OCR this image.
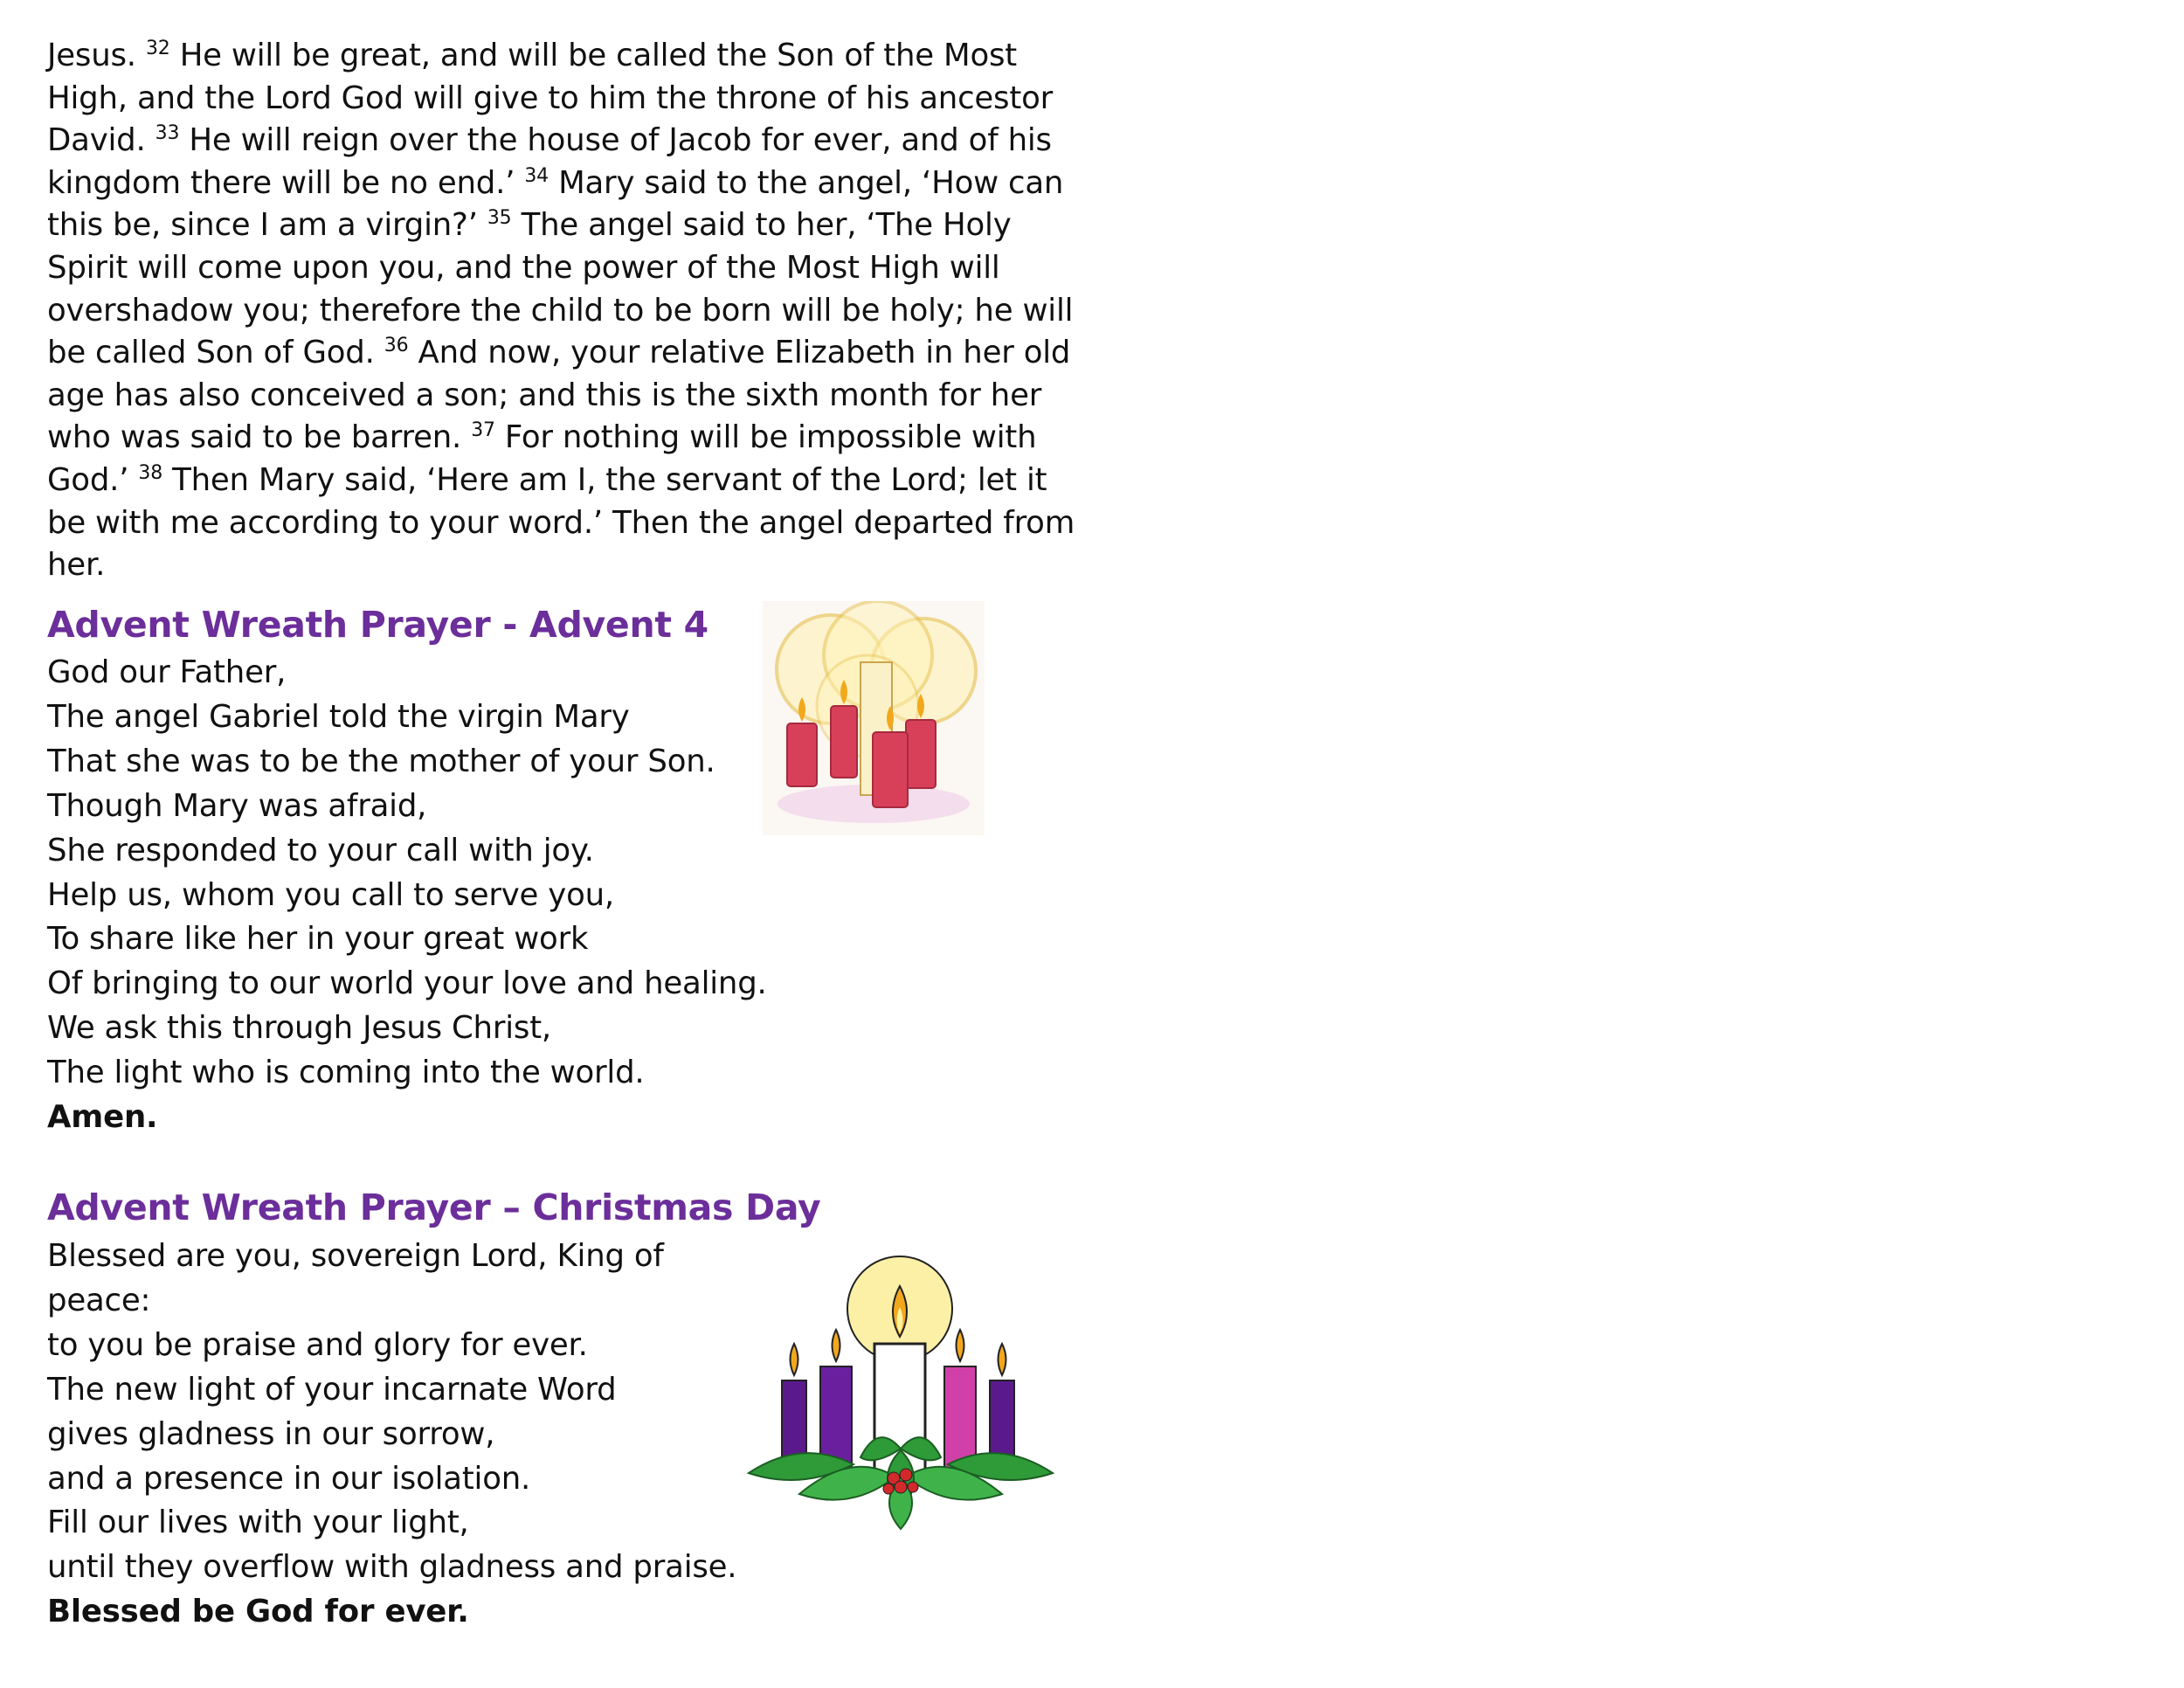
Jesus. $^{32}$ He will be great, and will be called the Son of the Most High, and the Lord God will give to him the throne of his ancestor David. $^{33}$ He will reign over the house of Jacob for ever, and of his kingdom there will be no end.’ $^{34}$ Mary said to the angel, ‘How can this be, since I am a virgin?’ $^{35}$ The angel said to her, ‘The Holy Spirit will come upon you, and the power of the Most High will overshadow you; therefore the child to be born will be holy; he will be called Son of God. $^{36}$ And now, your relative Elizabeth in her old age has also conceived a son; and this is the sixth month for her who was said to be barren. $^{37}$ For nothing will be impossible with God.’ $^{38}$ Then Mary said, ‘Here am I, the servant of the Lord; let it be with me according to your word.’ Then the angel departed from her.

Advent Wreath Prayer - Advent 4
God our Father,
The angel Gabriel told the virgin Mary
That she was to be the mother of your Son.
Though Mary was afraid,
She responded to your call with joy.
Help us, whom you call to serve you,
To share like her in your great work
Of bringing to our world your love and healing.
We ask this through Jesus Christ,
The light who is coming into the world.
Amen.
Advent Wreath Prayer – Christmas Day
Blessed are you, sovereign Lord, King of
peace:
to you be praise and glory for ever.
The new light of your incarnate Word
gives gladness in our sorrow,
and a presence in our isolation.
Fill our lives with your light,
until they overflow with gladness and praise.
Blessed be God for ever.
